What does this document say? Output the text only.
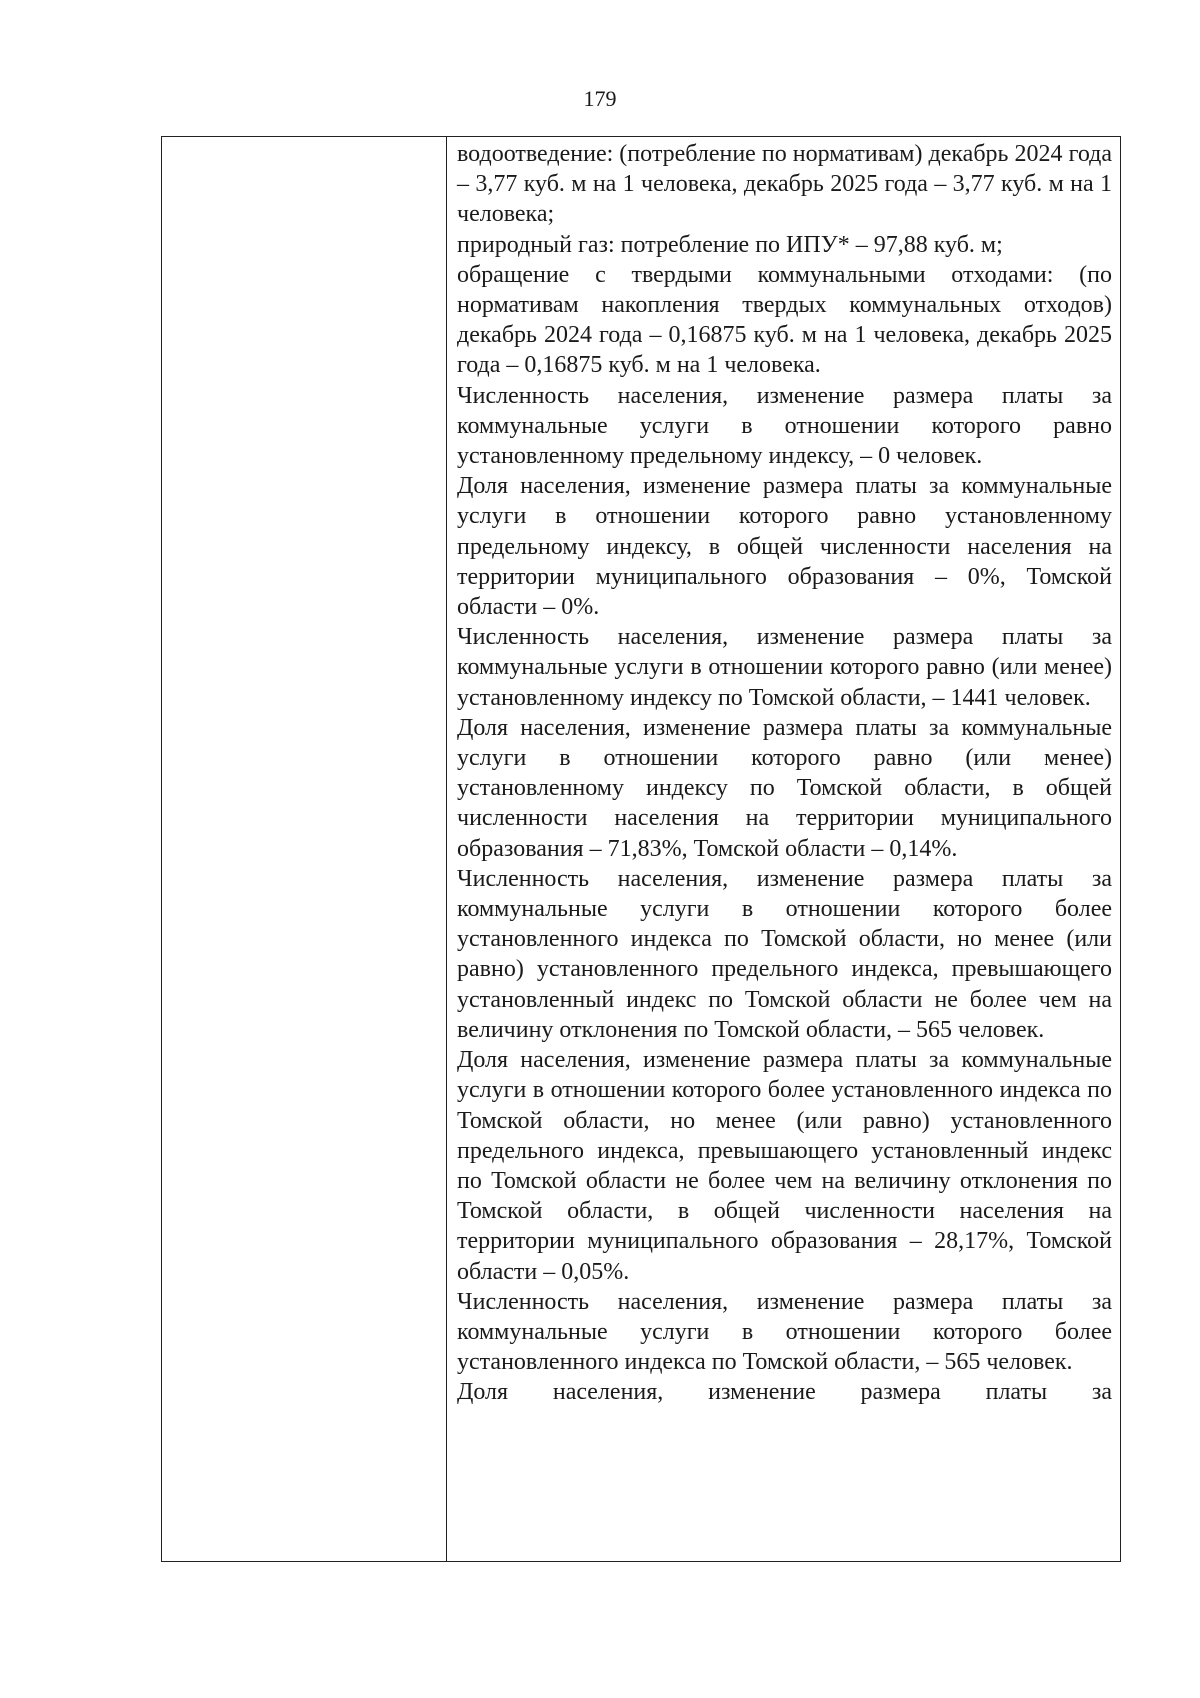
179

водоотведение: (потребление по нормативам) декабрь 2024 года – 3,77 куб. м на 1 человека, декабрь 2025 года – 3,77 куб. м на 1 человека;

природный газ: потребление по ИПУ* – 97,88 куб. м;

обращение с твердыми коммунальными отходами: (по нормативам накопления твердых коммунальных отходов) декабрь 2024 года – 0,16875 куб. м на 1 человека, декабрь 2025 года – 0,16875 куб. м на 1 человека.

Численность населения, изменение размера платы за коммунальные услуги в отношении которого равно установленному предельному индексу, – 0 человек.

Доля населения, изменение размера платы за коммунальные услуги в отношении которого равно установленному предельному индексу, в общей численности населения на территории муниципального образования – 0%, Томской области – 0%.

Численность населения, изменение размера платы за коммунальные услуги в отношении которого равно (или менее) установленному индексу по Томской области, – 1441 человек.

Доля населения, изменение размера платы за коммунальные услуги в отношении которого равно (или менее) установленному индексу по Томской области, в общей численности населения на территории муниципального образования – 71,83%, Томской области – 0,14%.

Численность населения, изменение размера платы за коммунальные услуги в отношении которого более установленного индекса по Томской области, но менее (или равно) установленного предельного индекса, превышающего установленный индекс по Томской области не более чем на величину отклонения по Томской области, – 565 человек.

Доля населения, изменение размера платы за коммунальные услуги в отношении которого более установленного индекса по Томской области, но менее (или равно) установленного предельного индекса, превышающего установленный индекс по Томской области не более чем на величину отклонения по Томской области, в общей численности населения на территории муниципального образования – 28,17%, Томской области – 0,05%.

Численность населения, изменение размера платы за коммунальные услуги в отношении которого более установленного индекса по Томской области, – 565 человек.

Доля населения, изменение размера платы за
